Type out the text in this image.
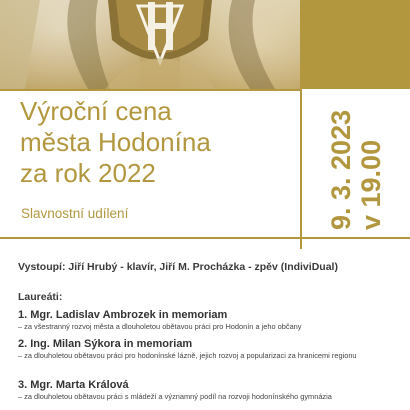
Výroční cena
města Hodonína
za rok 2022
Slavnostní udílení	9. 3. 2023 v 19.00
Vystoupí: Jiří Hrubý - klavír, Jiří M. Procházka - zpěv (IndiviDual)
Laureáti:
1. Mgr. Ladislav Ambrozek in memoriam
– za všestranný rozvoj města a dlouholetou obětavou práci pro Hodonín a jeho občany
2. Ing. Milan Sýkora in memoriam
– za dlouholetou obětavou práci pro hodonínské lázně, jejich rozvoj a popularizaci za hranicemi regionu
3. Mgr. Marta Králová
– za dlouholetou obětavou práci s mládeží a významný podíl na rozvoji hodonínského gymnázia
